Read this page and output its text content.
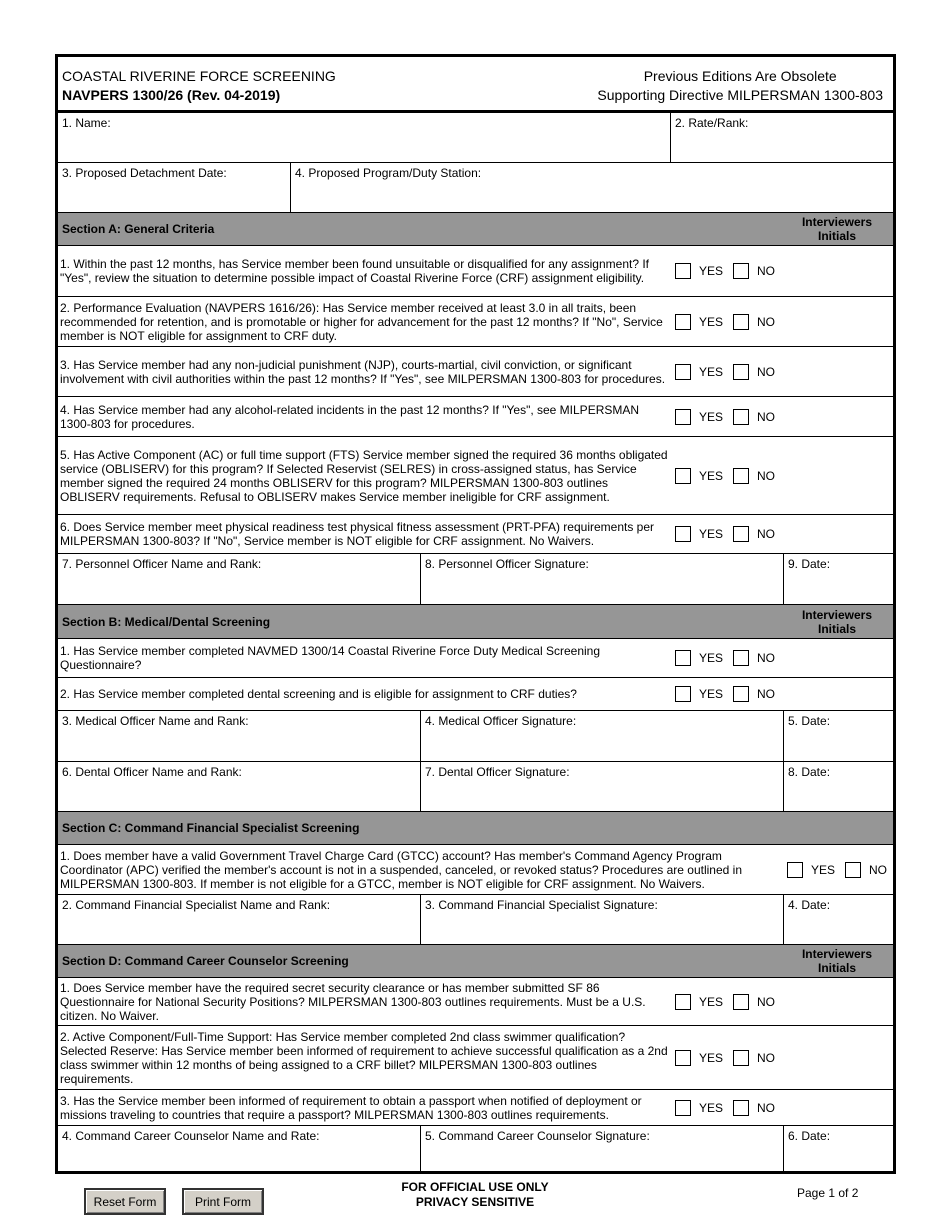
COASTAL RIVERINE FORCE SCREENING
NAVPERS 1300/26 (Rev. 04-2019)
Previous Editions Are Obsolete
Supporting Directive MILPERSMAN 1300-803
1. Name:	2. Rate/Rank:
3. Proposed Detachment Date:	4. Proposed Program/Duty Station:
Section A: General Criteria	Interviewers
Initials
1. Within the past 12 months, has Service member been found unsuitable or disqualified for any assignment? If "Yes", review the situation to determine possible impact of Coastal Riverine Force (CRF) assignment eligibility.	YES	NO
2. Performance Evaluation (NAVPERS 1616/26): Has Service member received at least 3.0 in all traits, been recommended for retention, and is promotable or higher for advancement for the past 12 months? If "No", Service member is NOT eligible for assignment to CRF duty.
YES	NO
3. Has Service member had any non-judicial punishment (NJP), courts-martial, civil conviction, or significant involvement with civil authorities within the past 12 months? If "Yes", see MILPERSMAN 1300-803 for procedures.	YES	NO
4. Has Service member had any alcohol-related incidents in the past 12 months? If "Yes", see MILPERSMAN 1300-803 for procedures.	YES	NO
5. Has Active Component (AC) or full time support (FTS) Service member signed the required 36 months obligated service (OBLISERV) for this program? If Selected Reservist (SELRES) in cross-assigned status, has Service member signed the required 24 months OBLISERV for this program? MILPERSMAN 1300-803 outlines OBLISERV requirements. Refusal to OBLISERV makes Service member ineligible for CRF assignment.
YES	NO
6. Does Service member meet physical readiness test physical fitness assessment (PRT-PFA) requirements per MILPERSMAN 1300-803? If "No", Service member is NOT eligible for CRF assignment. No Waivers.	YES	NO
7. Personnel Officer Name and Rank:	8. Personnel Officer Signature:	9. Date:
Section B: Medical/Dental Screening	Interviewers
Initials
1. Has Service member completed NAVMED 1300/14 Coastal Riverine Force Duty Medical Screening Questionnaire?	YES	NO
2. Has Service member completed dental screening and is eligible for assignment to CRF duties?	YES	NO
3. Medical Officer Name and Rank:	4. Medical Officer Signature:	5. Date:
6. Dental Officer Name and Rank:	7. Dental Officer Signature:	8. Date:
Section C: Command Financial Specialist Screening
1. Does member have a valid Government Travel Charge Card (GTCC) account? Has member's Command Agency Program Coordinator (APC) verified the member's account is not in a suspended, canceled, or revoked status? Procedures are outlined in MILPERSMAN 1300-803. If member is not eligible for a GTCC, member is NOT eligible for CRF assignment. No Waivers.
YES	NO
2. Command Financial Specialist Name and Rank:	3. Command Financial Specialist Signature:	4. Date:
Section D: Command Career Counselor Screening	Interviewers
Initials
1. Does Service member have the required secret security clearance or has member submitted SF 86 Questionnaire for National Security Positions? MILPERSMAN 1300-803 outlines requirements. Must be a U.S. citizen. No Waiver.
YES	NO
2. Active Component/Full-Time Support: Has Service member completed 2nd class swimmer qualification? Selected Reserve: Has Service member been informed of requirement to achieve successful qualification as a 2nd class swimmer within 12 months of being assigned to a CRF billet? MILPERSMAN 1300-803 outlines requirements.
YES	NO
3. Has the Service member been informed of requirement to obtain a passport when notified of deployment or missions traveling to countries that require a passport? MILPERSMAN 1300-803 outlines requirements.	YES	NO
4. Command Career Counselor Name and Rate:	5. Command Career Counselor Signature:	6. Date:
Reset Form	Print Form
FOR OFFICIAL USE ONLY
PRIVACY SENSITIVE
Page 1 of 2
